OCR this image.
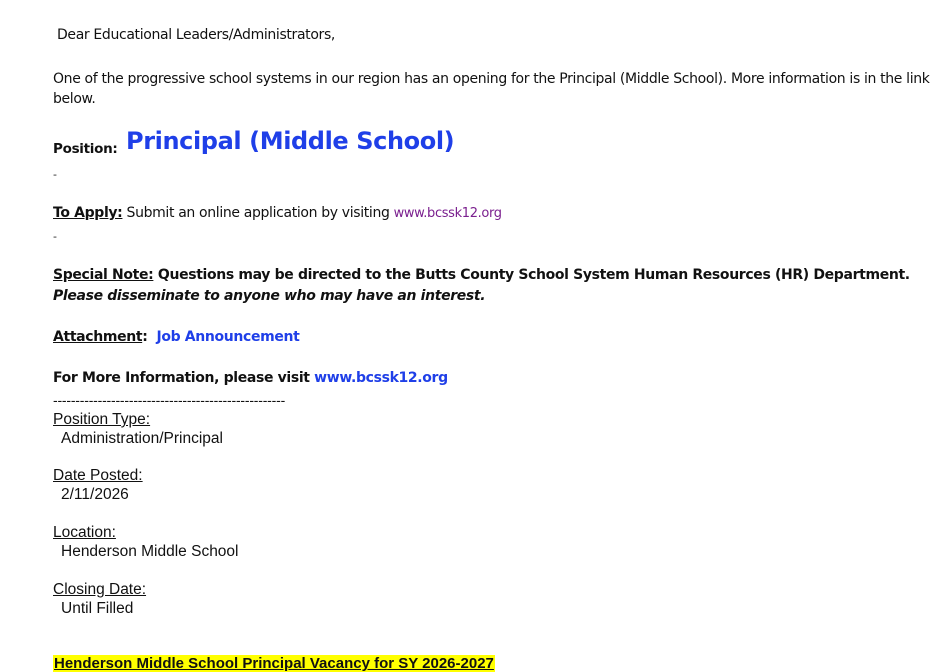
Dear Educational Leaders/Administrators,
One of the progressive school systems in our region has an opening for the Principal (Middle School). More information is in the link below.
Position: Principal (Middle School)
-
To Apply: Submit an online application by visiting www.bcssk12.org
-
Special Note: Questions may be directed to the Butts County School System Human Resources (HR) Department.
Please disseminate to anyone who may have an interest.
Attachment:  Job Announcement
For More Information, please visit www.bcssk12.org
----------------------------------------------------
Position Type:
Administration/Principal
Date Posted:
2/11/2026
Location:
Henderson Middle School
Closing Date:
Until Filled
Henderson Middle School Principal Vacancy for SY 2026-2027
